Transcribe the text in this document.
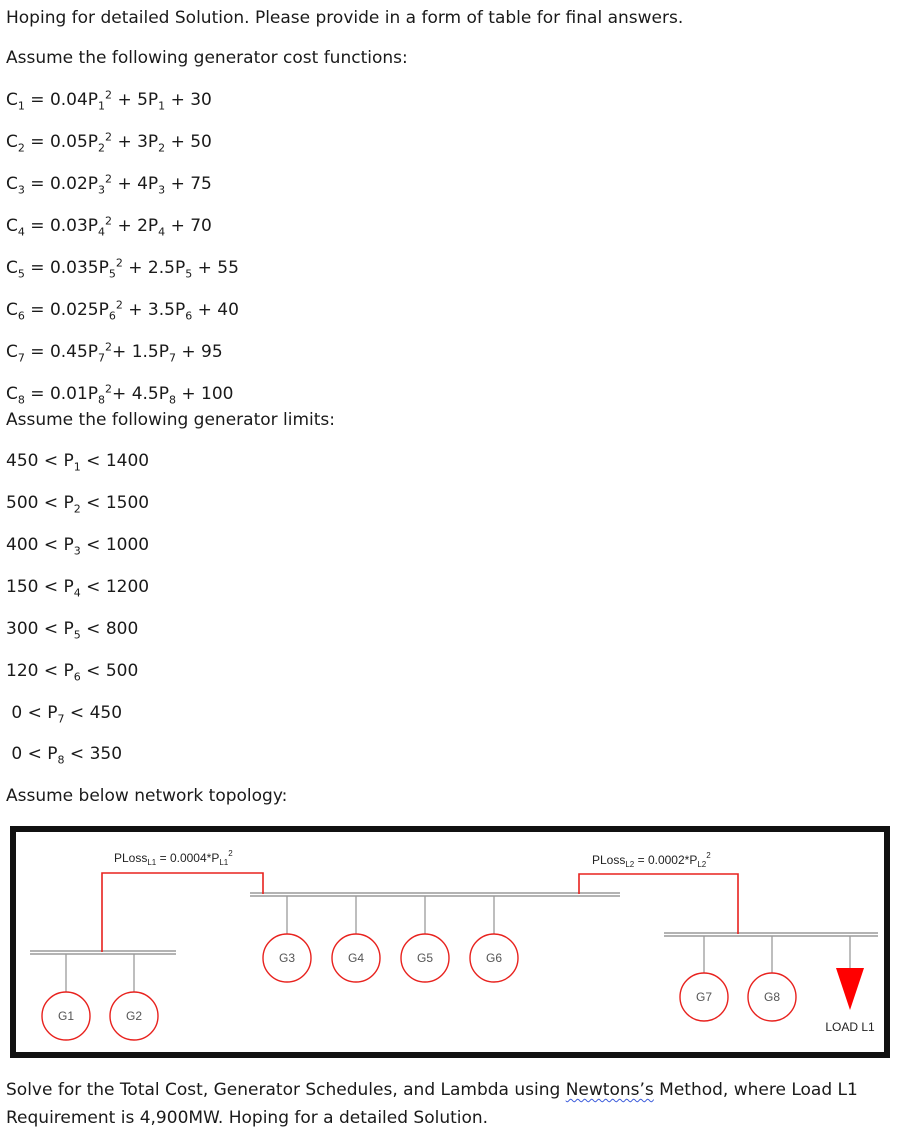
Hoping for detailed Solution. Please provide in a form of table for final answers.
Assume the following generator cost functions:
$C_1 = 0.04P_1^2 + 5P_1 + 30$
$C_2 = 0.05P_2^2 + 3P_2 + 50$
$C_3 = 0.02P_3^2 + 4P_3 + 75$
$C_4 = 0.03P_4^2 + 2P_4 + 70$
$C_5 = 0.035P_5^2 + 2.5P_5 + 55$
$C_6 = 0.025P_6^2 + 3.5P_6 + 40$
$C_7 = 0.45P_7^2+ 1.5P_7 + 95$
$C_8 = 0.01P_8^2+ 4.5P_8 + 100$
Assume the following generator limits:
$450 < P_1 < 1400$
$500 < P_2 < 1500$
$400 < P_3 < 1000$
$150 < P_4 < 1200$
$300 < P_5 < 800$
$120 < P_6 < 500$
$0 < P_7 < 450$
$0 < P_8 < 350$
Assume below network topology:
PLoss$_{L1}$ = $0.0004*P_{L1}^2$	PLoss$_{L2}$ = $0.0002*P_{L2}^2$
G1	G2
G3	G4	G5	G6
G7	G8
LOAD L1
Solve for the Total Cost, Generator Schedules, and Lambda using Newtons’s Method, where Load L1
Requirement is 4,900MW. Hoping for a detailed Solution.
